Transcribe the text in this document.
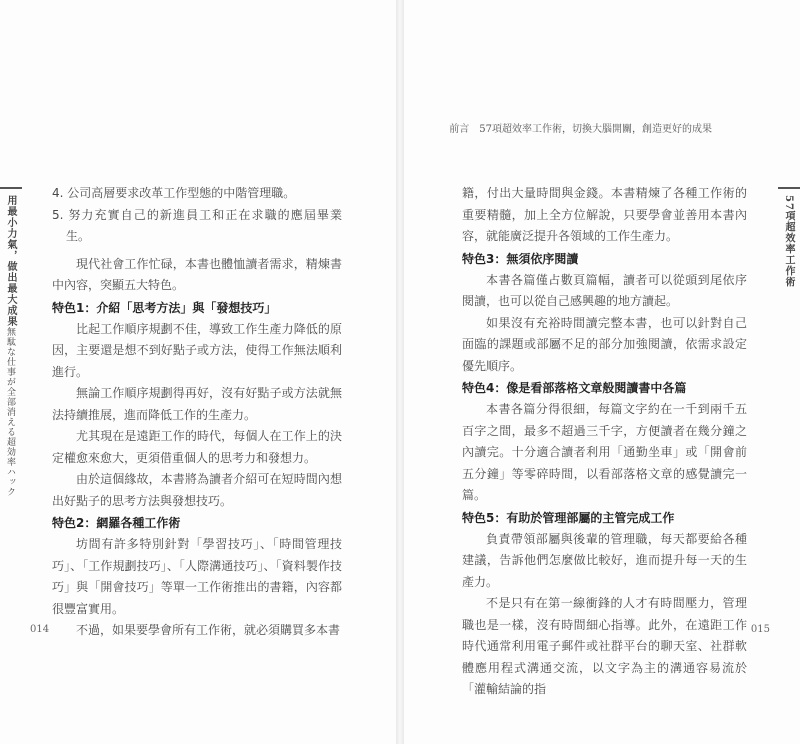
用最小力氣，做出最大成果無駄な仕事が全部消える超効率ハック

4. 公司高層要求改革工作型態的中階管理職。

5. 努力充實自己的新進員工和正在求職的應屆畢業生。

現代社會工作忙碌，本書也體恤讀者需求，精煉書中內容，突顯五大特色。

特色1：介紹「思考方法」與「發想技巧」

比起工作順序規劃不佳，導致工作生產力降低的原因，主要還是想不到好點子或方法，使得工作無法順利進行。

無論工作順序規劃得再好，沒有好點子或方法就無法持續推展，進而降低工作的生產力。

尤其現在是遠距工作的時代，每個人在工作上的決定權愈來愈大，更須借重個人的思考力和發想力。

由於這個緣故，本書將為讀者介紹可在短時間內想出好點子的思考方法與發想技巧。

特色2：網羅各種工作術

坊間有許多特別針對「學習技巧」、「時間管理技巧」、「工作規劃技巧」、「人際溝通技巧」、「資料製作技巧」與「開會技巧」等單一工作術推出的書籍，內容都很豐富實用。

不過，如果要學會所有工作術，就必須購買多本書

014
前言　57項超效率工作術，切換大腦開關，創造更好的成果
57項超效率工作術

籍，付出大量時間與金錢。本書精煉了各種工作術的重要精髓，加上全方位解說，只要學會並善用本書內容，就能廣泛提升各領域的工作生產力。

特色3：無須依序閱讀

本書各篇僅占數頁篇幅，讀者可以從頭到尾依序閱讀，也可以從自己感興趣的地方讀起。

如果沒有充裕時間讀完整本書，也可以針對自己面臨的課題或部屬不足的部分加強閱讀，依需求設定優先順序。

特色4：像是看部落格文章般閱讀書中各篇

本書各篇分得很細，每篇文字約在一千到兩千五百字之間，最多不超過三千字，方便讀者在幾分鐘之內讀完。十分適合讀者利用「通勤坐車」或「開會前五分鐘」等零碎時間，以看部落格文章的感覺讀完一篇。

特色5：有助於管理部屬的主管完成工作

負責帶領部屬與後輩的管理職，每天都要給各種建議，告訴他們怎麼做比較好，進而提升每一天的生產力。

不是只有在第一線衝鋒的人才有時間壓力，管理職也是一樣，沒有時間細心指導。此外，在遠距工作時代通常利用電子郵件或社群平台的聊天室、社群軟體應用程式溝通交流，以文字為主的溝通容易流於「灌輸結論的指

015
